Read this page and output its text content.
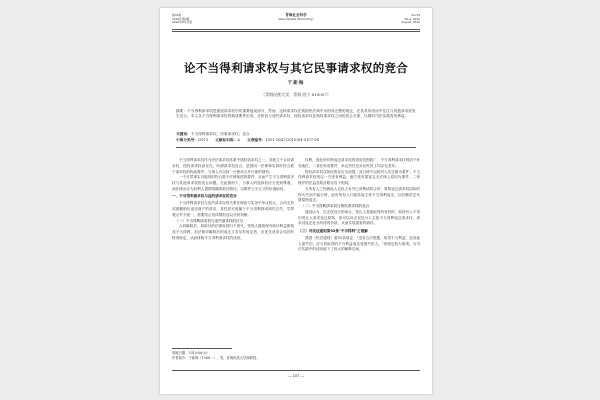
第39卷
2010年第4期
2010年8月出版
青海社会科学
New Heights (Bimonthly)
Vol.39
No.4, 2010
August, 2010
论不当得利请求权与其它民事请求权的竞合
于新海
（青海民族大学，青海 西宁 810007）
摘要：不当得利请求权是债权请求权中的重要组成部分，然而，这种请求权在我国民法典中未形成完整的规定，在其具体适用中往往与其他请求权发生竞合。本文从不当得利请求权的构成要件出发，分析其与违约请求权、侵权请求权及物权请求权之间的竞合关系，以期对司法实践有所裨益。
关键词：不当得利请求权；民事请求权；竞合
中图分类号：D913 文献标识码：A 文章编号：1001-5647(2010)04-0107-04

不当得利请求权作为民法请求权体系中债权请求权之一，其独立于合同请求权、侵权请求权而存在。所谓请求权竞合，是指同一法律事实同时符合数个请求权的构成要件，当事人可以择一行使或合并行使的情形。

一个自然事实可能同时符合数个法律规范的要件，从而产生不当得利请求权与其他请求权的竞合问题。在此情形下，当事人的选择权应当受到尊重，而法律亦应为权利人提供明确的救济路径，以维护公平正义的价值取向。

一、不当得利请求权与违约请求权的竞合

不当得利请求权与违约请求权的关系在理论与实务中争议较大，合同无效或被撤销后返还财产的请求，其性质究竟属于不当得利抑或缔约过失，学界观点并不统一，需要结合具体情形加以分析判断。

（一）不当得利请求权与违约请求权的区分

合同解除后，原给付的法律原因归于消灭，受领人继续保有给付利益即构成不当得利，但法律对解除后的返还义务另有规定者，应优先适用合同法的特别规定，从而排除不当得利请求权的适用。

权利，因此所有物返还请求权的适用范围较广，不当得利请求权则居于补充地位，二者在构成要件、举证责任及诉讼时效上均存在差异。

物权请求权以物权的存在为前提，其行使不以相对人有过错为要件；不当得利请求权则以一方受有利益、他方受有损害且无法律上原因为要件，二者保护的法益及救济路径各不相同。

当所有人之物被他人无权占有并已消费或转让时，原物返还请求权因标的物灭失而不能行使，此时所有人只能转而主张不当得利返还，以价额偿还代替原物返还。

（二）不当得利请求权与物权请求权的竞合

通说认为，在无权处分的场合，受让人善意取得所有权时，原所有人不得向受让人请求返还原物，但可以向无权处分人主张不当得利返还请求权，请求其返还处分所得的价款，从而实现损害的填补。

（三）对民法通则第92条"不当得利"之理解

我国《民法通则》第92条规定："没有合法根据，取得不当利益，造成他人损失的，应当将取得的不当利益返还受损失的人。"该规定较为原则，为司法实践中的适用留下了较大的解释空间。

收稿日期：2010-06-20
作者简介：于新海（1966－），男，青海民族大学副教授。
— 107 —
